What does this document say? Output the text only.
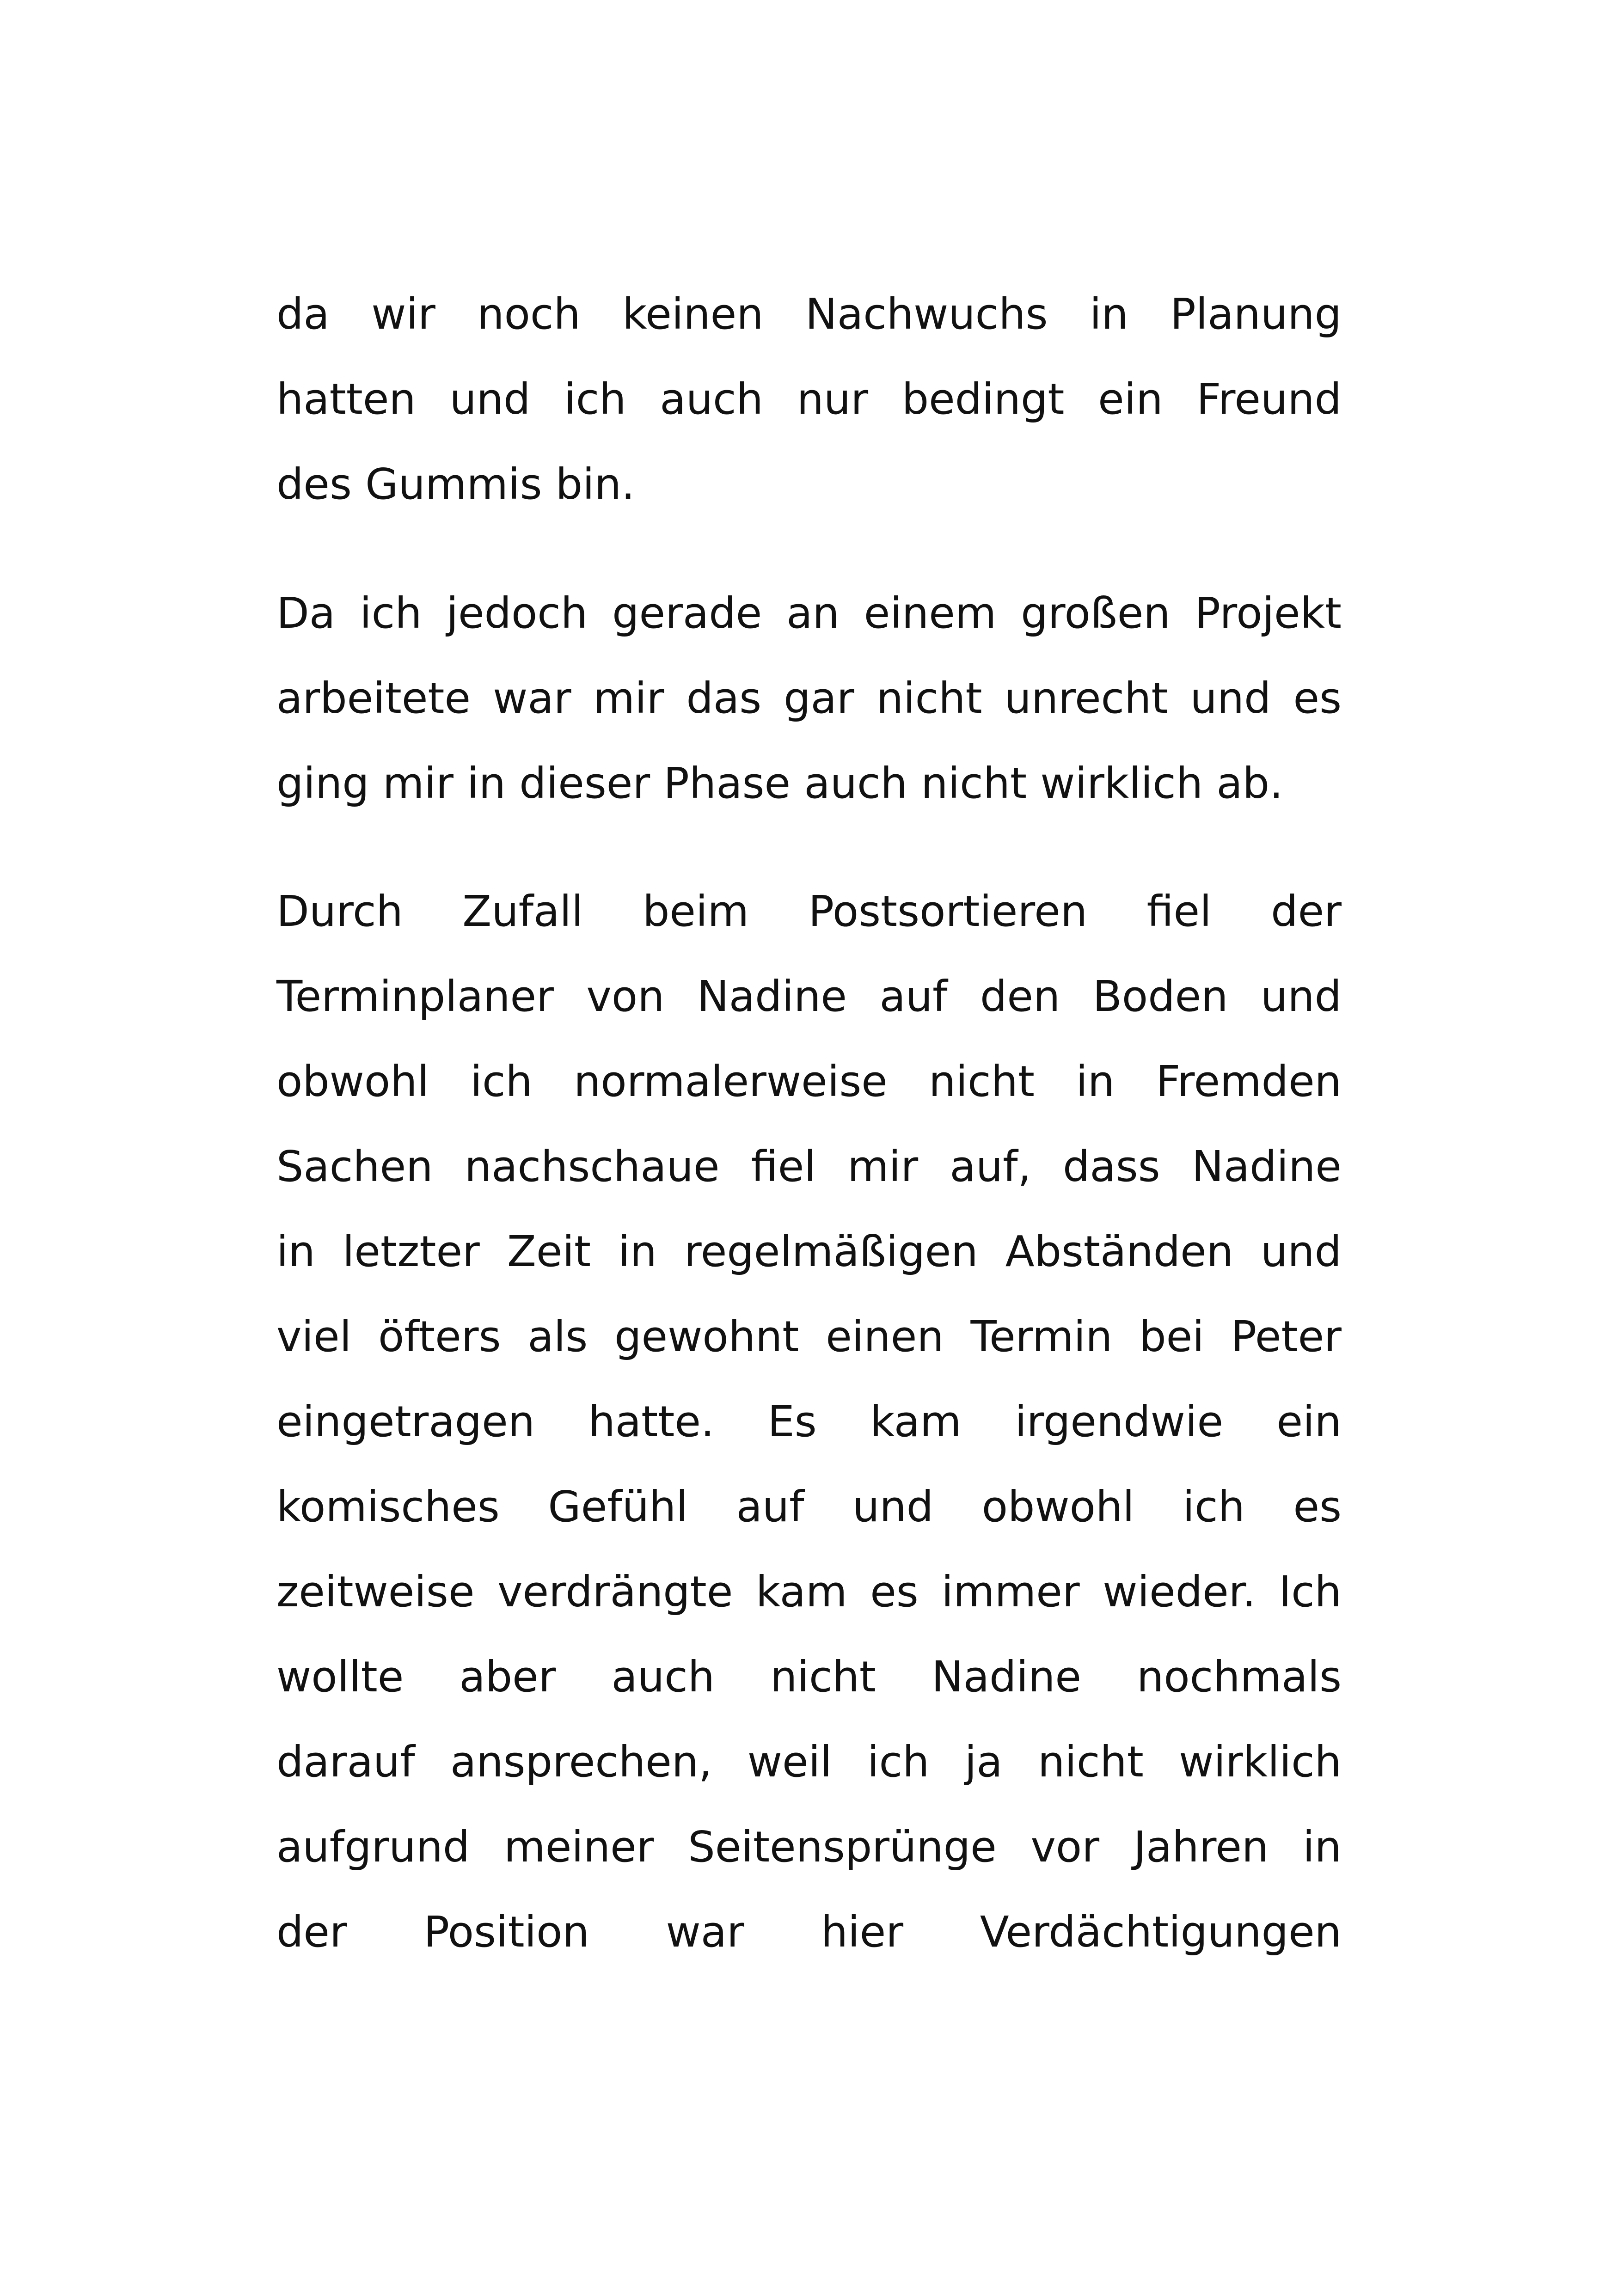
da wir noch keinen Nachwuchs in Planung
hatten und ich auch nur bedingt ein Freund
des Gummis bin.

Da ich jedoch gerade an einem großen Projekt
arbeitete war mir das gar nicht unrecht und es
ging mir in dieser Phase auch nicht wirklich ab.

Durch Zufall beim Postsortieren fiel der
Terminplaner von Nadine auf den Boden und
obwohl ich normalerweise nicht in Fremden
Sachen nachschaue fiel mir auf, dass Nadine
in letzter Zeit in regelmäßigen Abständen und
viel öfters als gewohnt einen Termin bei Peter
eingetragen hatte. Es kam irgendwie ein
komisches Gefühl auf und obwohl ich es
zeitweise verdrängte kam es immer wieder. Ich
wollte aber auch nicht Nadine nochmals
darauf ansprechen, weil ich ja nicht wirklich
aufgrund meiner Seitensprünge vor Jahren in
der Position war hier Verdächtigungen
